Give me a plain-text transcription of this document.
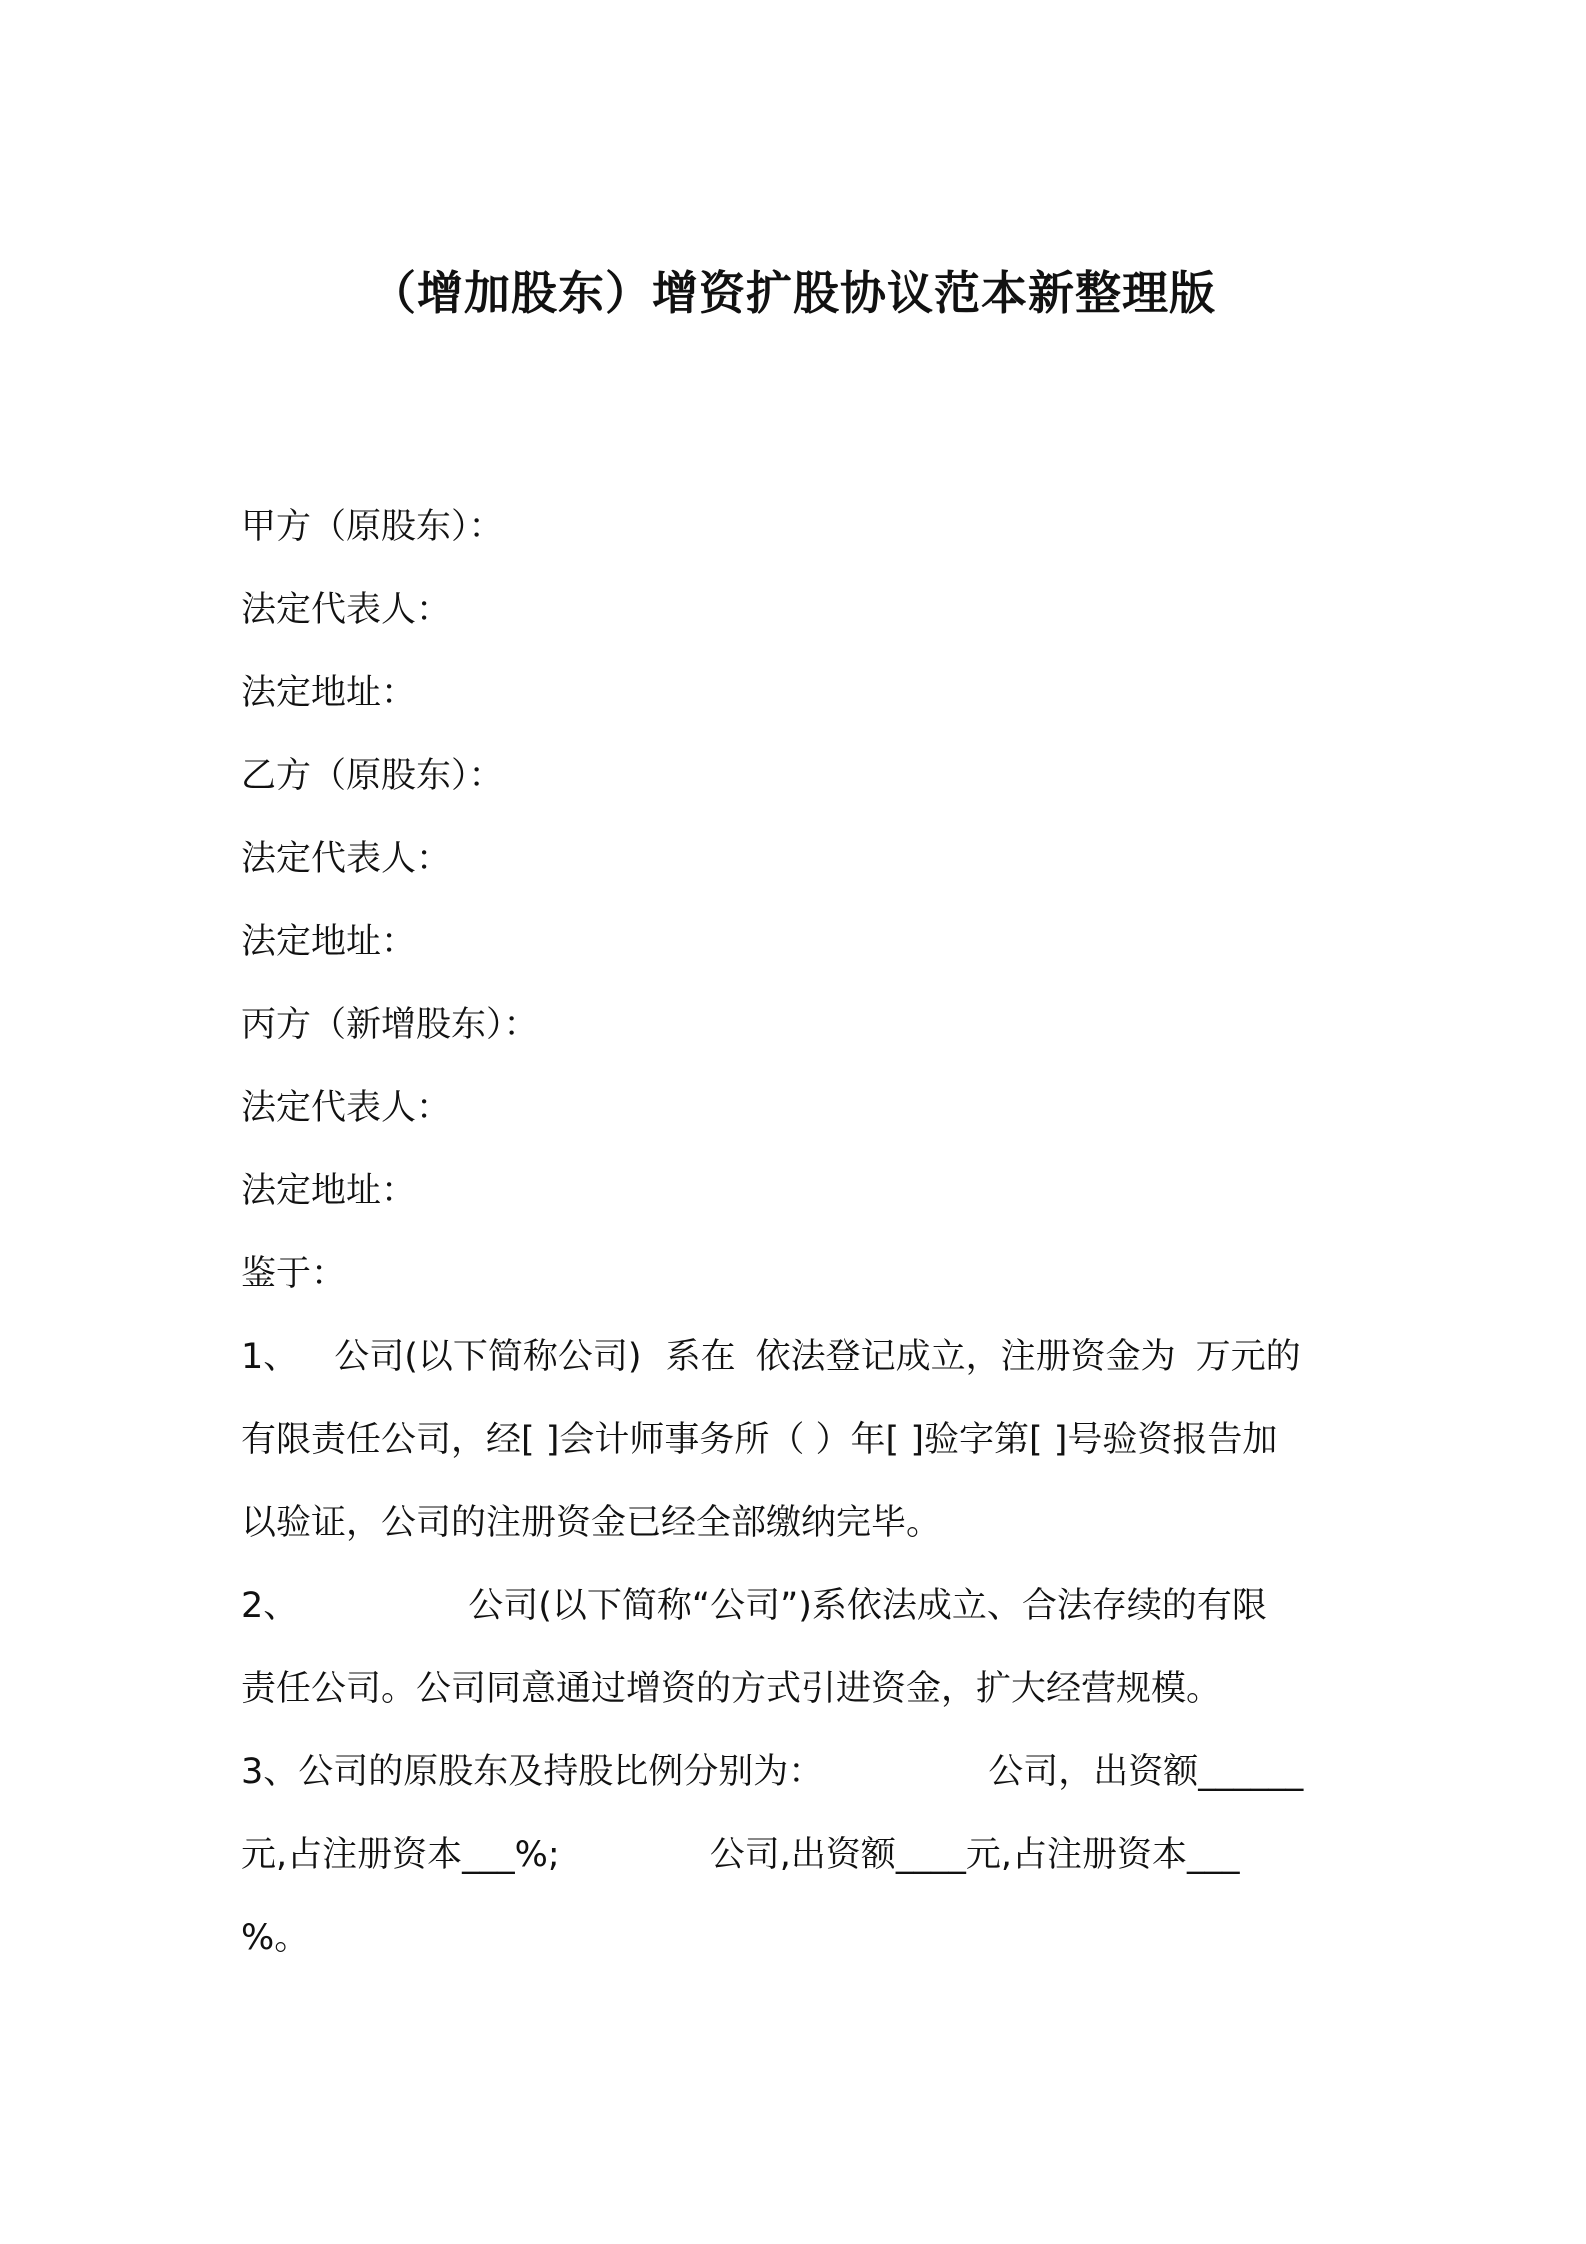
（增加股东）增资扩股协议范本新整理版

甲方（原股东）：

法定代表人：

法定地址：

乙方（原股东）：

法定代表人：

法定地址：

丙方（新增股东）：

法定代表人：

法定地址：

鉴于：

1、 公司(以下简称公司) 系在 依法登记成立，注册资金为 万元的

有限责任公司，经[ ]会计师事务所（ ）年[ ]验字第[ ]号验资报告加

以验证，公司的注册资金已经全部缴纳完毕。

2、	公司(以下简称“公司”)系依法成立、合法存续的有限

责任公司。公司同意通过增资的方式引进资金，扩大经营规模。

3、公司的原股东及持股比例分别为：	公司，出资额______

元,占注册资本___%;	公司,出资额____元,占注册资本___

%。
